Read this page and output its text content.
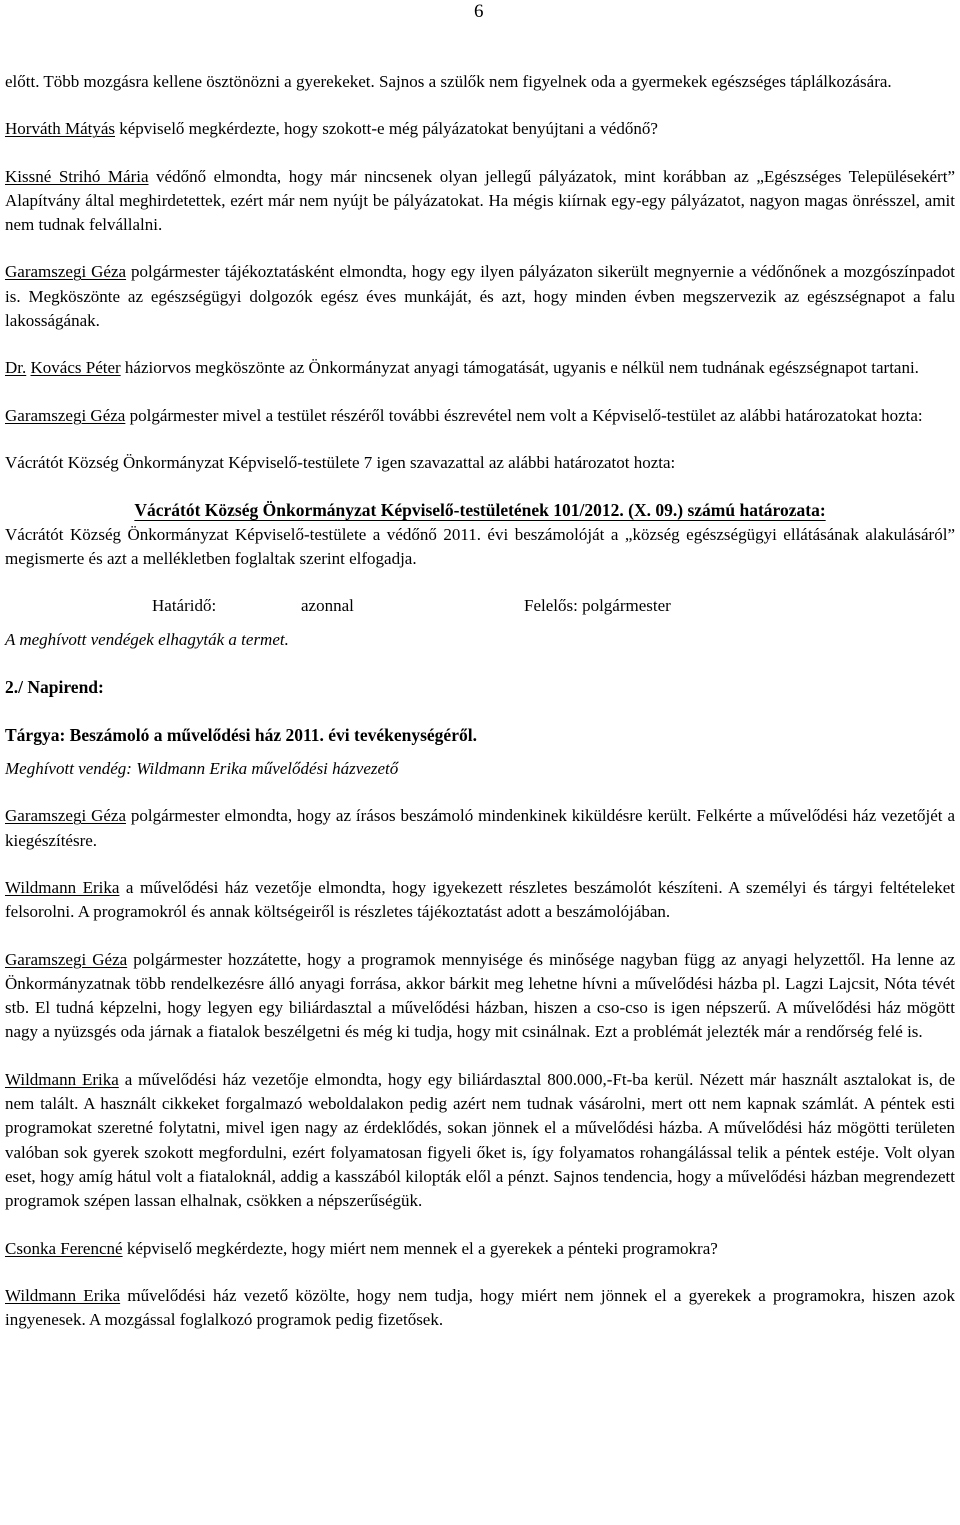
6

előtt. Több mozgásra kellene ösztönözni a gyerekeket. Sajnos a szülők nem figyelnek oda a gyermekek egészséges táplálkozására.

Horváth Mátyás képviselő megkérdezte, hogy szokott-e még pályázatokat benyújtani a védőnő?

Kissné Strihó Mária védőnő elmondta, hogy már nincsenek olyan jellegű pályázatok, mint korábban az „Egészséges Településekért” Alapítvány által meghirdetettek, ezért már nem nyújt be pályázatokat. Ha mégis kiírnak egy-egy pályázatot, nagyon magas önrésszel, amit nem tudnak felvállalni.

Garamszegi Géza polgármester tájékoztatásként elmondta, hogy egy ilyen pályázaton sikerült megnyernie a védőnőnek a mozgószínpadot is. Megköszönte az egészségügyi dolgozók egész éves munkáját, és azt, hogy minden évben megszervezik az egészségnapot a falu lakosságának.

Dr. Kovács Péter háziorvos megköszönte az Önkormányzat anyagi támogatását, ugyanis e nélkül nem tudnának egészségnapot tartani.

Garamszegi Géza polgármester mivel a testület részéről további észrevétel nem volt a Képviselő-testület az alábbi határozatokat hozta:

Vácrátót Község Önkormányzat Képviselő-testülete 7 igen szavazattal az alábbi határozatot hozta:

Vácrátót Község Önkormányzat Képviselő-testületének 101/2012. (X. 09.) számú határozata:

Vácrátót Község Önkormányzat Képviselő-testülete a védőnő 2011. évi beszámolóját a „község egészségügyi ellátásának alakulásáról” megismerte és azt a mellékletben foglaltak szerint elfogadja.

Határidő:	azonnal	Felelős: polgármester

A meghívott vendégek elhagyták a termet.

2./ Napirend:

Tárgya: Beszámoló a művelődési ház 2011. évi tevékenységéről.

Meghívott vendég: Wildmann Erika művelődési házvezető

Garamszegi Géza polgármester elmondta, hogy az írásos beszámoló mindenkinek kiküldésre került. Felkérte a művelődési ház vezetőjét a kiegészítésre.

Wildmann Erika a művelődési ház vezetője elmondta, hogy igyekezett részletes beszámolót készíteni. A személyi és tárgyi feltételeket felsorolni. A programokról és annak költségeiről is részletes tájékoztatást adott a beszámolójában.

Garamszegi Géza polgármester hozzátette, hogy a programok mennyisége és minősége nagyban függ az anyagi helyzettől. Ha lenne az Önkormányzatnak több rendelkezésre álló anyagi forrása, akkor bárkit meg lehetne hívni a művelődési házba pl. Lagzi Lajcsit, Nóta tévét stb. El tudná képzelni, hogy legyen egy biliárdasztal a művelődési házban, hiszen a cso-cso is igen népszerű. A művelődési ház mögött nagy a nyüzsgés oda járnak a fiatalok beszélgetni és még ki tudja, hogy mit csinálnak. Ezt a problémát jelezték már a rendőrség felé is.

Wildmann Erika a művelődési ház vezetője elmondta, hogy egy biliárdasztal 800.000,-Ft-ba kerül. Nézett már használt asztalokat is, de nem talált. A használt cikkeket forgalmazó weboldalakon pedig azért nem tudnak vásárolni, mert ott nem kapnak számlát. A péntek esti programokat szeretné folytatni, mivel igen nagy az érdeklődés, sokan jönnek el a művelődési házba. A művelődési ház mögötti területen valóban sok gyerek szokott megfordulni, ezért folyamatosan figyeli őket is, így folyamatos rohangálással telik a péntek estéje. Volt olyan eset, hogy amíg hátul volt a fiataloknál, addig a kasszából kilopták elől a pénzt. Sajnos tendencia, hogy a művelődési házban megrendezett programok szépen lassan elhalnak, csökken a népszerűségük.

Csonka Ferencné képviselő megkérdezte, hogy miért nem mennek el a gyerekek a pénteki programokra?

Wildmann Erika művelődési ház vezető közölte, hogy nem tudja, hogy miért nem jönnek el a gyerekek a programokra, hiszen azok ingyenesek. A mozgással foglalkozó programok pedig fizetősek.
